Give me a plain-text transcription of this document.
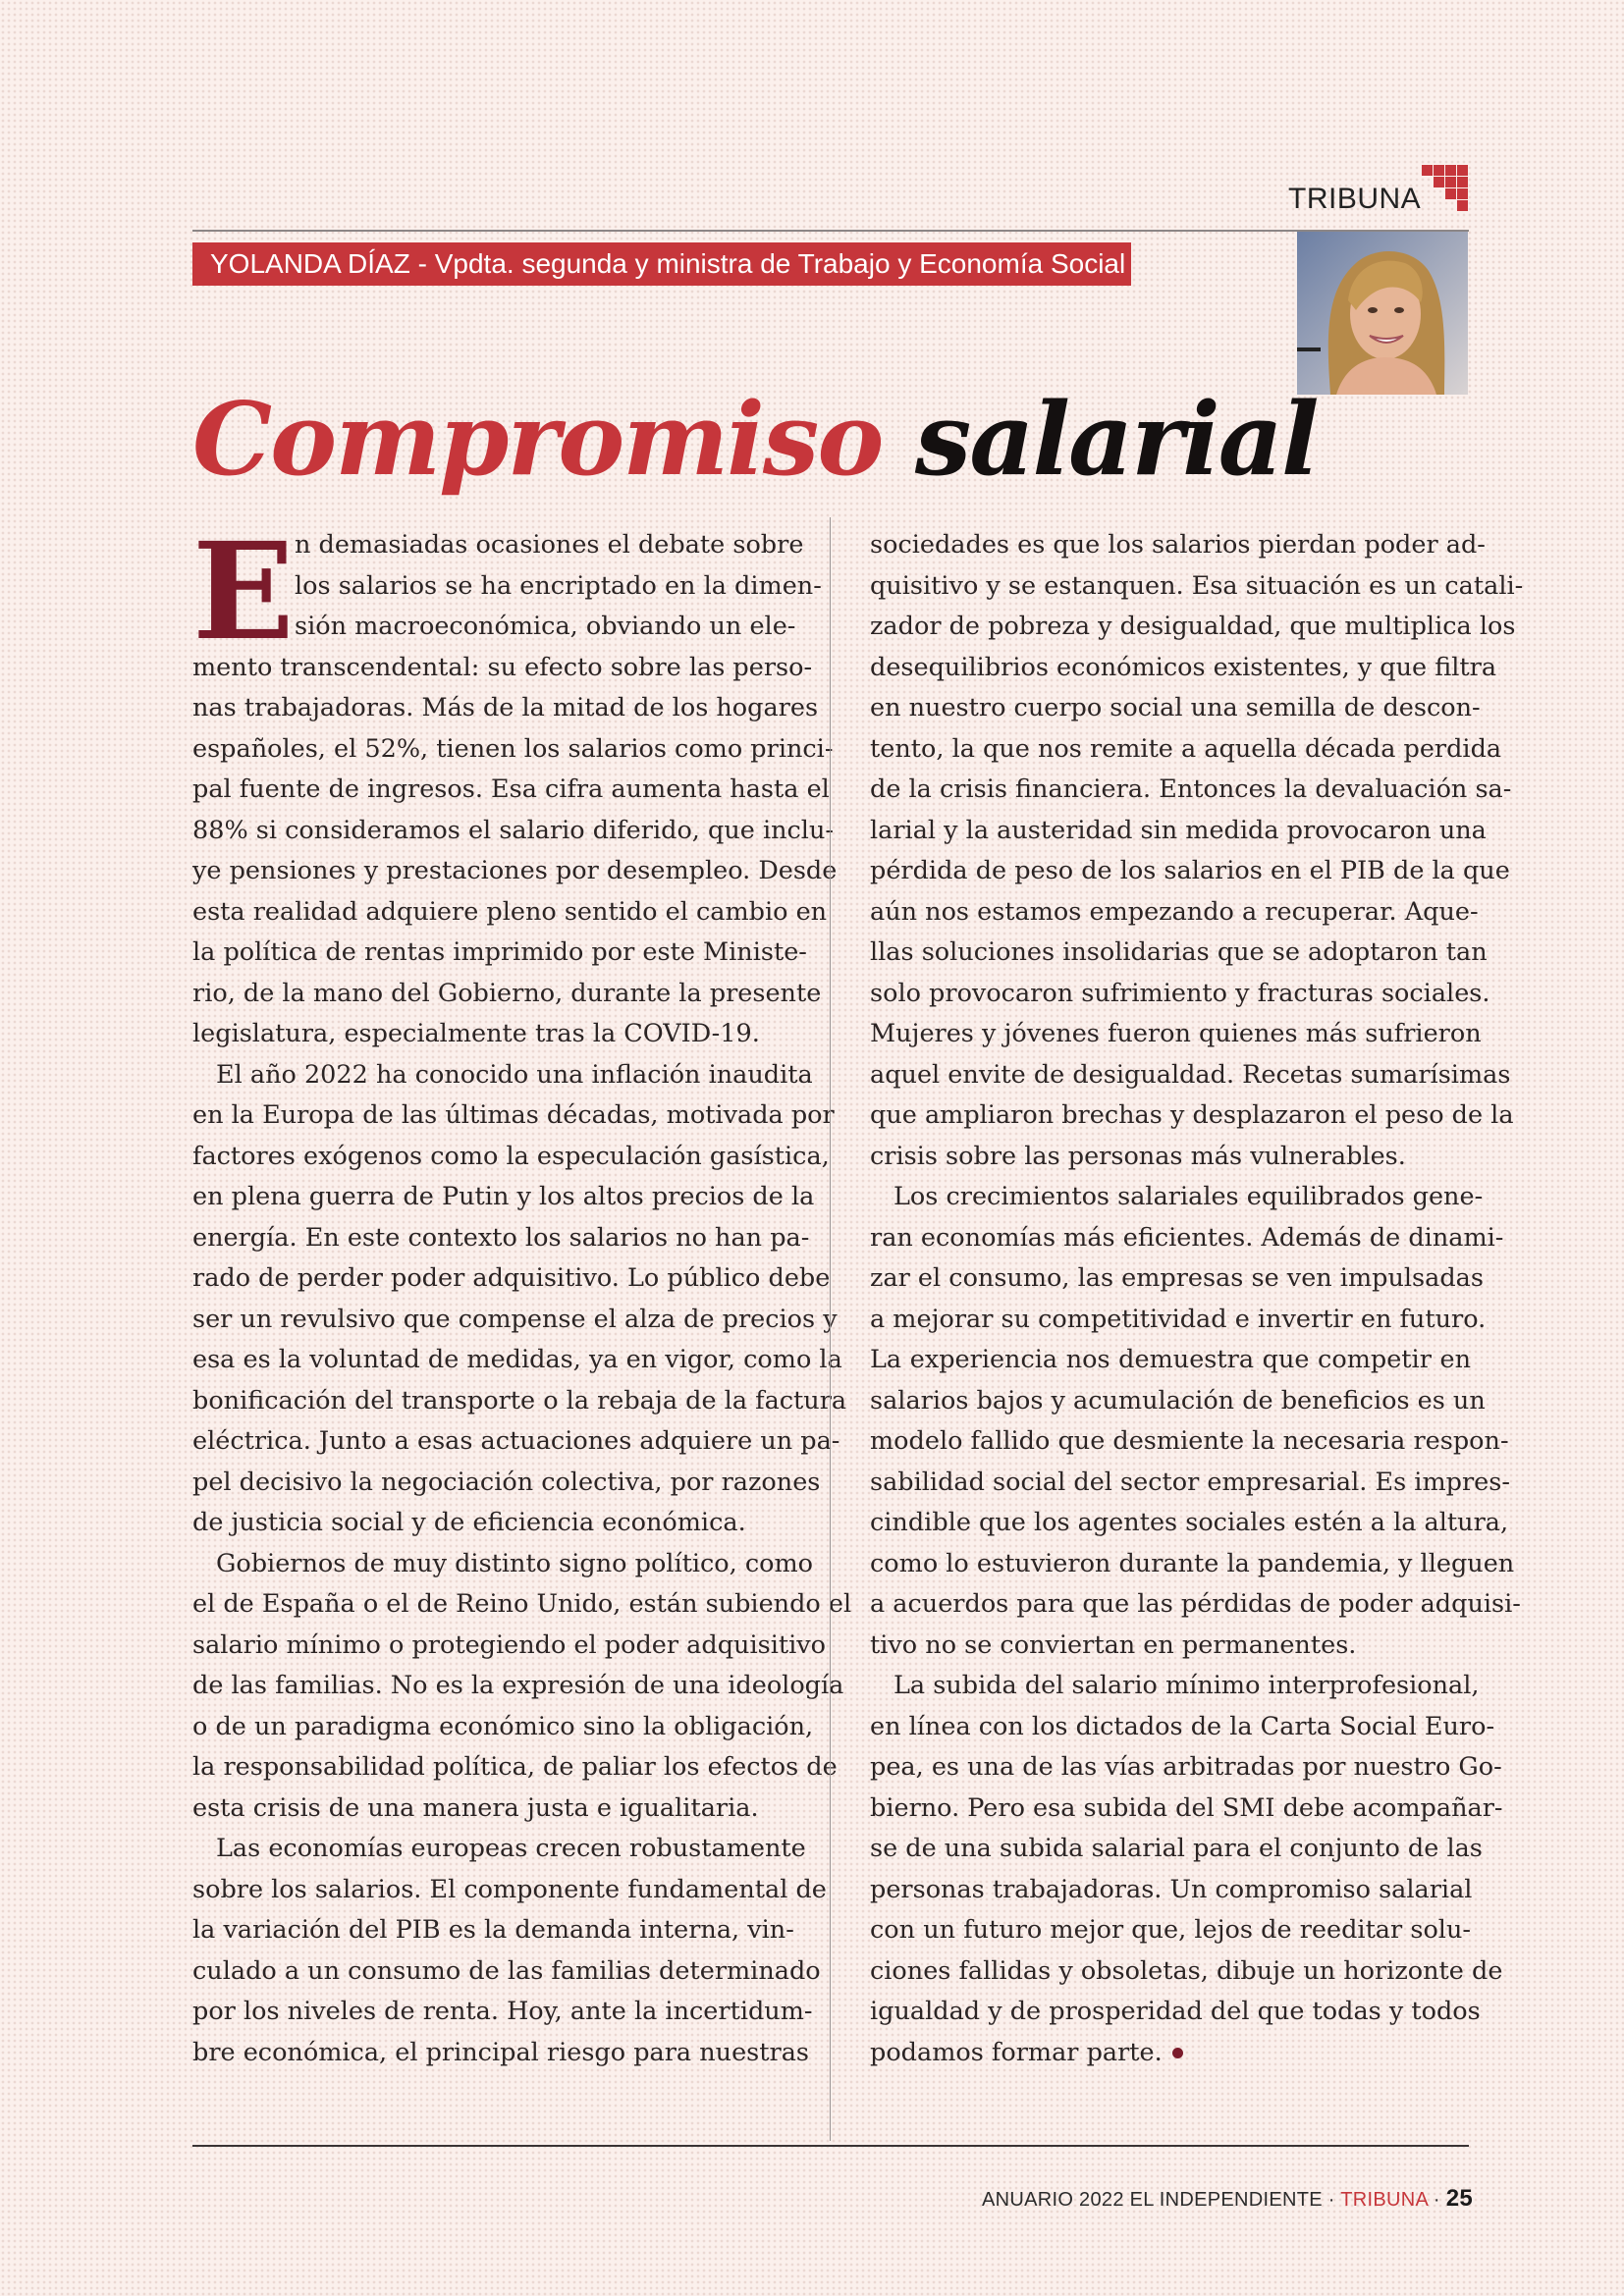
TRIBUNA
YOLANDA DÍAZ - Vpdta. segunda y ministra de Trabajo y Economía Social
Compromiso salarial
E n demasiadas ocasiones el debate sobre
los salarios se ha encriptado en la dimen-
sión macroeconómica, obviando un ele-
mento transcendental: su efecto sobre las perso-
nas trabajadoras. Más de la mitad de los hogares
españoles, el 52%, tienen los salarios como princi-
pal fuente de ingresos. Esa cifra aumenta hasta el
88% si consideramos el salario diferido, que inclu-
ye pensiones y prestaciones por desempleo. Desde
esta realidad adquiere pleno sentido el cambio en
la política de rentas imprimido por este Ministe-
rio, de la mano del Gobierno, durante la presente
legislatura, especialmente tras la COVID-19.
El año 2022 ha conocido una inflación inaudita
en la Europa de las últimas décadas, motivada por
factores exógenos como la especulación gasística,
en plena guerra de Putin y los altos precios de la
energía. En este contexto los salarios no han pa-
rado de perder poder adquisitivo. Lo público debe
ser un revulsivo que compense el alza de precios y
esa es la voluntad de medidas, ya en vigor, como la
bonificación del transporte o la rebaja de la factura
eléctrica. Junto a esas actuaciones adquiere un pa-
pel decisivo la negociación colectiva, por razones
de justicia social y de eficiencia económica.
Gobiernos de muy distinto signo político, como
el de España o el de Reino Unido, están subiendo el
salario mínimo o protegiendo el poder adquisitivo
de las familias. No es la expresión de una ideología
o de un paradigma económico sino la obligación,
la responsabilidad política, de paliar los efectos de
esta crisis de una manera justa e igualitaria.
Las economías europeas crecen robustamente
sobre los salarios. El componente fundamental de
la variación del PIB es la demanda interna, vin-
culado a un consumo de las familias determinado
por los niveles de renta. Hoy, ante la incertidum-
bre económica, el principal riesgo para nuestras
sociedades es que los salarios pierdan poder ad-
quisitivo y se estanquen. Esa situación es un catali-
zador de pobreza y desigualdad, que multiplica los
desequilibrios económicos existentes, y que filtra
en nuestro cuerpo social una semilla de descon-
tento, la que nos remite a aquella década perdida
de la crisis financiera. Entonces la devaluación sa-
larial y la austeridad sin medida provocaron una
pérdida de peso de los salarios en el PIB de la que
aún nos estamos empezando a recuperar. Aque-
llas soluciones insolidarias que se adoptaron tan
solo provocaron sufrimiento y fracturas sociales.
Mujeres y jóvenes fueron quienes más sufrieron
aquel envite de desigualdad. Recetas sumarísimas
que ampliaron brechas y desplazaron el peso de la
crisis sobre las personas más vulnerables.
Los crecimientos salariales equilibrados gene-
ran economías más eficientes. Además de dinami-
zar el consumo, las empresas se ven impulsadas
a mejorar su competitividad e invertir en futuro.
La experiencia nos demuestra que competir en
salarios bajos y acumulación de beneficios es un
modelo fallido que desmiente la necesaria respon-
sabilidad social del sector empresarial. Es impres-
cindible que los agentes sociales estén a la altura,
como lo estuvieron durante la pandemia, y lleguen
a acuerdos para que las pérdidas de poder adquisi-
tivo no se conviertan en permanentes.
La subida del salario mínimo interprofesional,
en línea con los dictados de la Carta Social Euro-
pea, es una de las vías arbitradas por nuestro Go-
bierno. Pero esa subida del SMI debe acompañar-
se de una subida salarial para el conjunto de las
personas trabajadoras. Un compromiso salarial
con un futuro mejor que, lejos de reeditar solu-
ciones fallidas y obsoletas, dibuje un horizonte de
igualdad y de prosperidad del que todas y todos
podamos formar parte.
ANUARIO 2022 EL INDEPENDIENTE · TRIBUNA · 25
